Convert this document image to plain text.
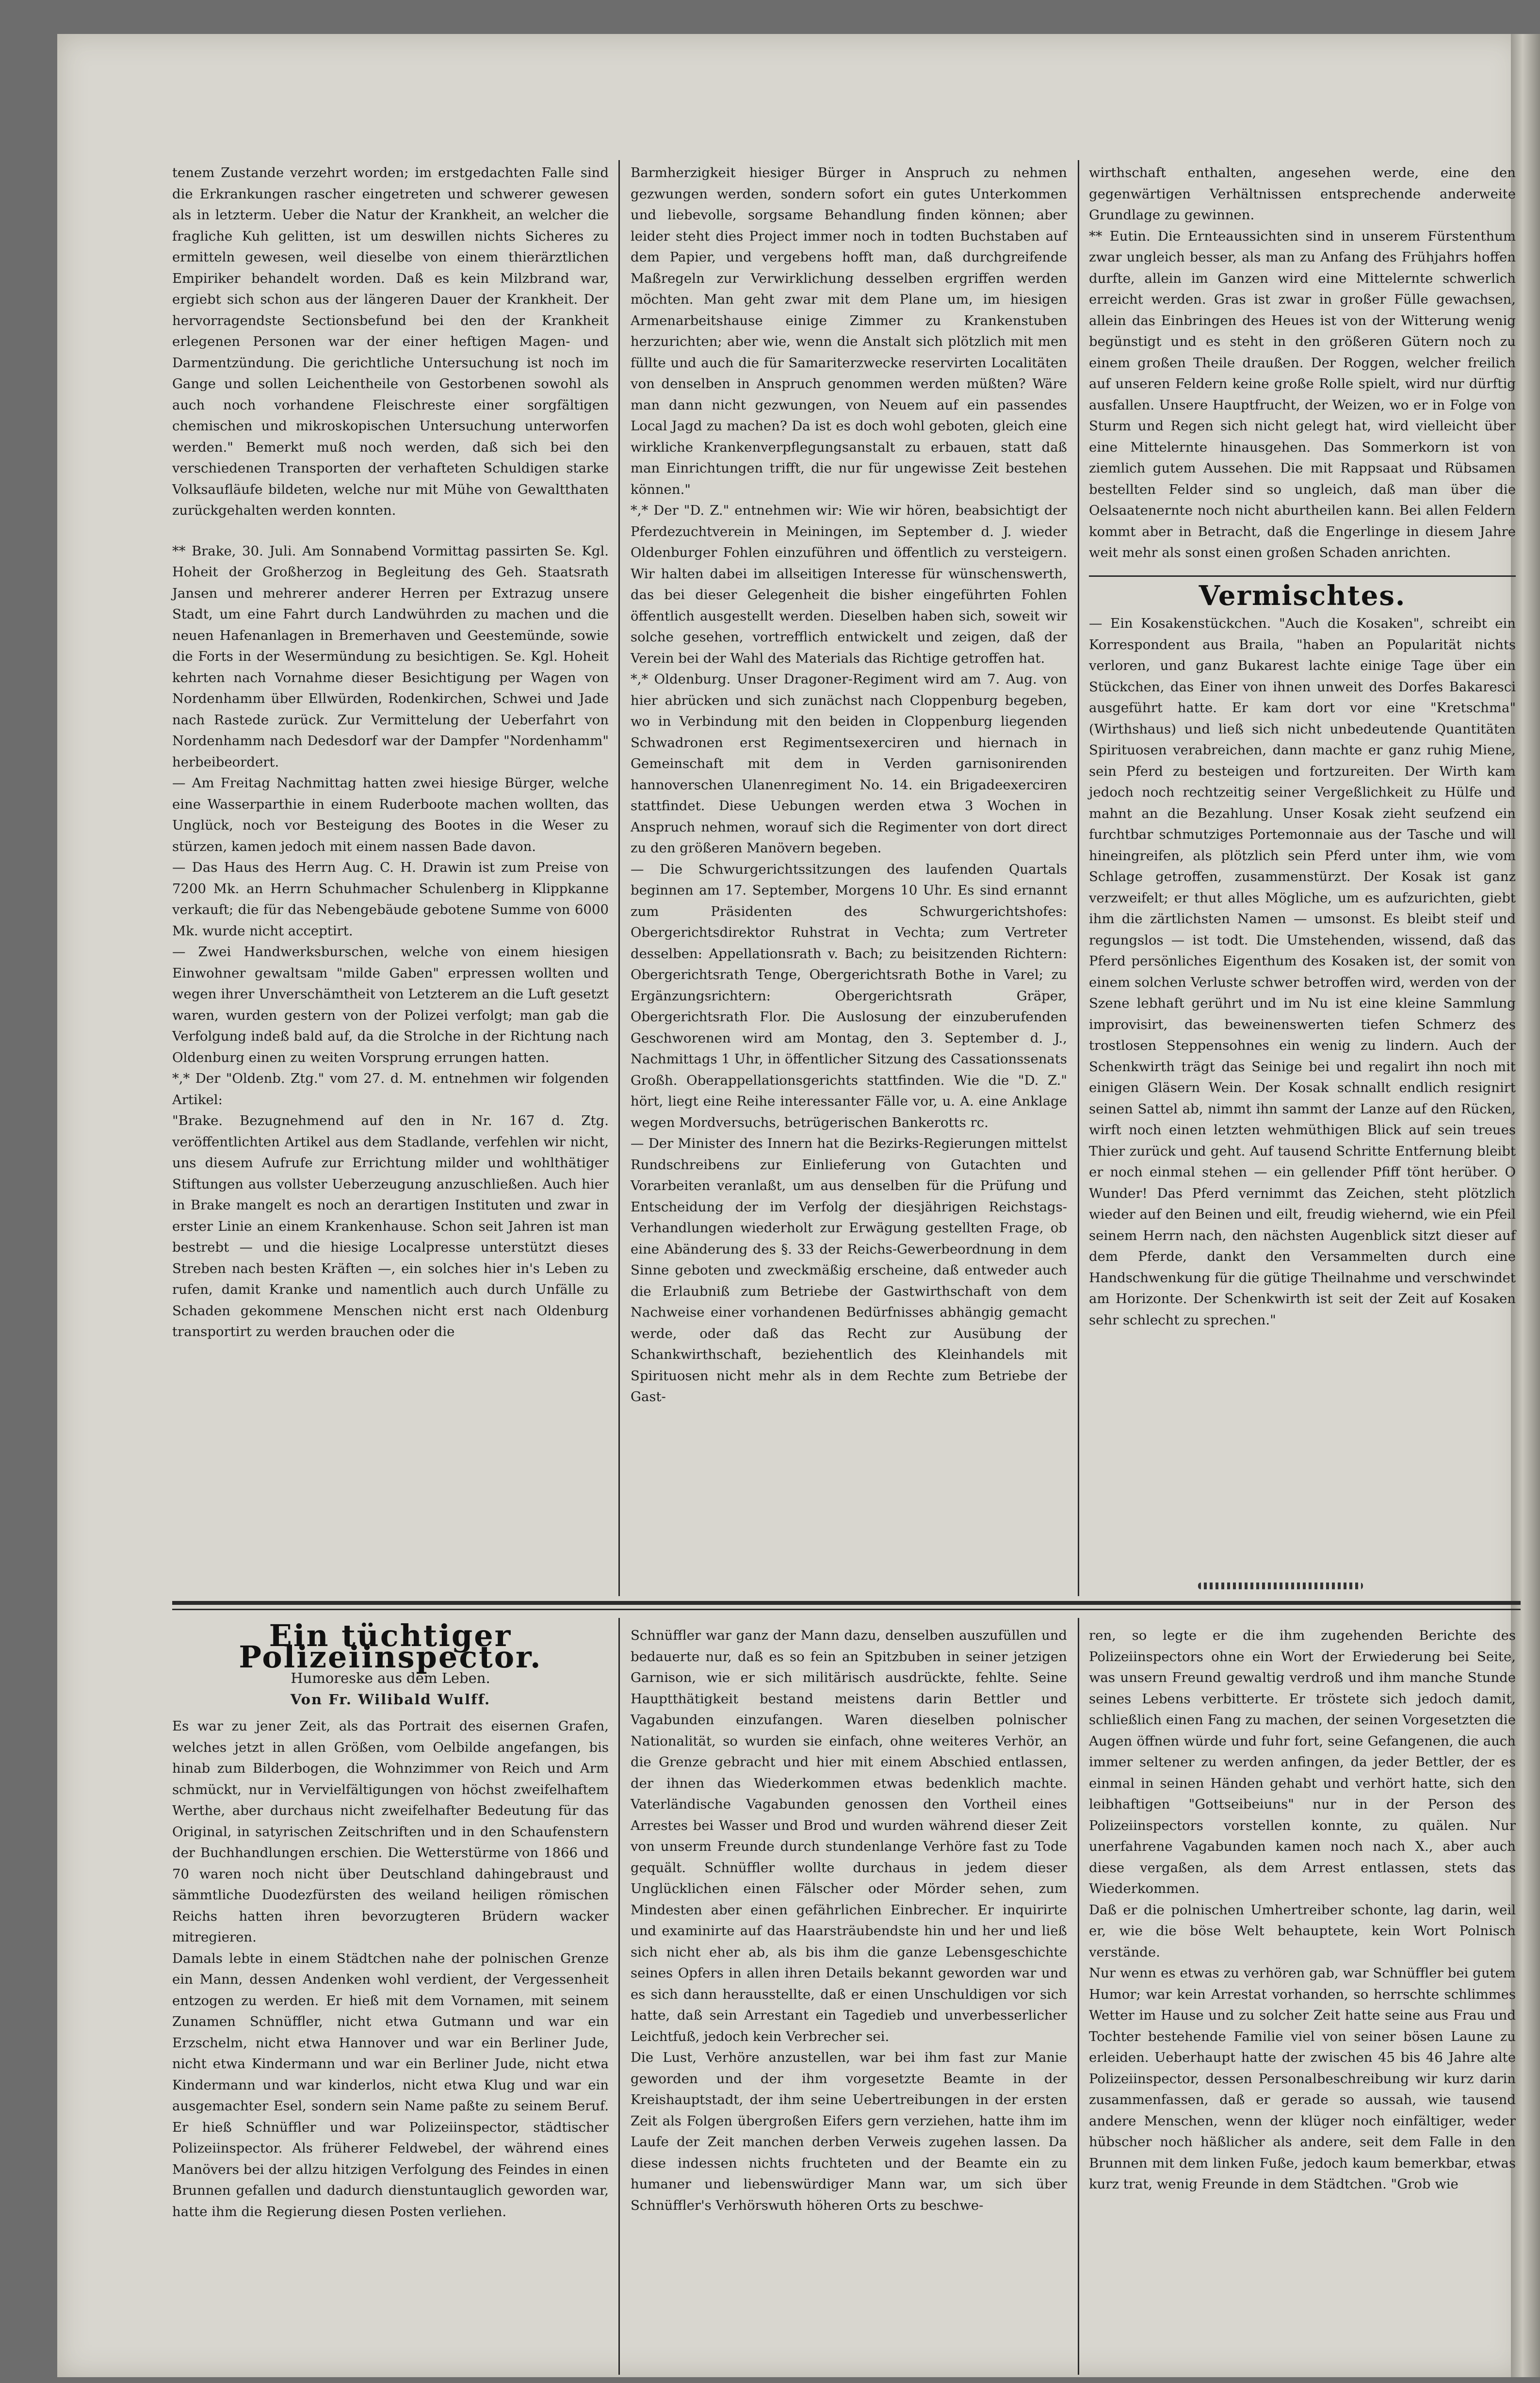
tenem Zustande verzehrt worden; im erstgedachten Falle sind die Erkrankungen rascher eingetreten und schwerer gewesen als in letzterm. Ueber die Natur der Krankheit, an welcher die fragliche Kuh gelitten, ist um deswillen nichts Sicheres zu ermitteln gewesen, weil dieselbe von einem thierärztlichen Empiriker behandelt worden. Daß es kein Milzbrand war, ergiebt sich schon aus der längeren Dauer der Krankheit. Der hervorragendste Sectionsbefund bei den der Krankheit erlegenen Personen war der einer heftigen Magen- und Darmentzündung. Die gerichtliche Untersuchung ist noch im Gange und sollen Leichentheile von Gestorbenen sowohl als auch noch vorhandene Fleischreste einer sorgfältigen chemischen und mikroskopischen Untersuchung unterworfen werden." Bemerkt muß noch werden, daß sich bei den verschiedenen Transporten der verhafteten Schuldigen starke Volksaufläufe bildeten, welche nur mit Mühe von Gewaltthaten zurückgehalten werden konnten.

** Brake, 30. Juli. Am Sonnabend Vormittag passirten Se. Kgl. Hoheit der Großherzog in Begleitung des Geh. Staatsrath Jansen und mehrerer anderer Herren per Extrazug unsere Stadt, um eine Fahrt durch Landwührden zu machen und die neuen Hafenanlagen in Bremerhaven und Geestemünde, sowie die Forts in der Wesermündung zu besichtigen. Se. Kgl. Hoheit kehrten nach Vornahme dieser Besichtigung per Wagen von Nordenhamm über Ellwürden, Rodenkirchen, Schwei und Jade nach Rastede zurück. Zur Vermittelung der Ueberfahrt von Nordenhamm nach Dedesdorf war der Dampfer "Nordenhamm" herbeibeordert.

— Am Freitag Nachmittag hatten zwei hiesige Bürger, welche eine Wasserparthie in einem Ruderboote machen wollten, das Unglück, noch vor Besteigung des Bootes in die Weser zu stürzen, kamen jedoch mit einem nassen Bade davon.

— Das Haus des Herrn Aug. C. H. Drawin ist zum Preise von 7200 Mk. an Herrn Schuhmacher Schulenberg in Klippkanne verkauft; die für das Nebengebäude gebotene Summe von 6000 Mk. wurde nicht acceptirt.

— Zwei Handwerksburschen, welche von einem hiesigen Einwohner gewaltsam "milde Gaben" erpressen wollten und wegen ihrer Unverschämtheit von Letzterem an die Luft gesetzt waren, wurden gestern von der Polizei verfolgt; man gab die Verfolgung indeß bald auf, da die Strolche in der Richtung nach Oldenburg einen zu weiten Vorsprung errungen hatten.

*,* Der "Oldenb. Ztg." vom 27. d. M. entnehmen wir folgenden Artikel:

"Brake. Bezugnehmend auf den in Nr. 167 d. Ztg. veröffentlichten Artikel aus dem Stadlande, verfehlen wir nicht, uns diesem Aufrufe zur Errichtung milder und wohlthätiger Stiftungen aus vollster Ueberzeugung anzuschließen. Auch hier in Brake mangelt es noch an derartigen Instituten und zwar in erster Linie an einem Krankenhause. Schon seit Jahren ist man bestrebt — und die hiesige Localpresse unterstützt dieses Streben nach besten Kräften —, ein solches hier in's Leben zu rufen, damit Kranke und namentlich auch durch Unfälle zu Schaden gekommene Menschen nicht erst nach Oldenburg transportirt zu werden brauchen oder die

Barmherzigkeit hiesiger Bürger in Anspruch zu nehmen gezwungen werden, sondern sofort ein gutes Unterkommen und liebevolle, sorgsame Behandlung finden können; aber leider steht dies Project immer noch in todten Buchstaben auf dem Papier, und vergebens hofft man, daß durchgreifende Maßregeln zur Verwirklichung desselben ergriffen werden möchten. Man geht zwar mit dem Plane um, im hiesigen Armenarbeitshause einige Zimmer zu Krankenstuben herzurichten; aber wie, wenn die Anstalt sich plötzlich mit men füllte und auch die für Samariterzwecke reservirten Localitäten von denselben in Anspruch genommen werden müßten? Wäre man dann nicht gezwungen, von Neuem auf ein passendes Local Jagd zu machen? Da ist es doch wohl geboten, gleich eine wirkliche Krankenverpflegungsanstalt zu erbauen, statt daß man Einrichtungen trifft, die nur für ungewisse Zeit bestehen können."

*,* Der "D. Z." entnehmen wir: Wie wir hören, beabsichtigt der Pferdezuchtverein in Meiningen, im September d. J. wieder Oldenburger Fohlen einzuführen und öffentlich zu versteigern. Wir halten dabei im allseitigen Interesse für wünschenswerth, das bei dieser Gelegenheit die bisher eingeführten Fohlen öffentlich ausgestellt werden. Dieselben haben sich, soweit wir solche gesehen, vortrefflich entwickelt und zeigen, daß der Verein bei der Wahl des Materials das Richtige getroffen hat.

*,* Oldenburg. Unser Dragoner-Regiment wird am 7. Aug. von hier abrücken und sich zunächst nach Cloppenburg begeben, wo in Verbindung mit den beiden in Cloppenburg liegenden Schwadronen erst Regimentsexerciren und hiernach in Gemeinschaft mit dem in Verden garnisonirenden hannoverschen Ulanenregiment No. 14. ein Brigadeexerciren stattfindet. Diese Uebungen werden etwa 3 Wochen in Anspruch nehmen, worauf sich die Regimenter von dort direct zu den größeren Manövern begeben.

— Die Schwurgerichtssitzungen des laufenden Quartals beginnen am 17. September, Morgens 10 Uhr. Es sind ernannt zum Präsidenten des Schwurgerichtshofes: Obergerichtsdirektor Ruhstrat in Vechta; zum Vertreter desselben: Appellationsrath v. Bach; zu beisitzenden Richtern: Obergerichtsrath Tenge, Obergerichtsrath Bothe in Varel; zu Ergänzungsrichtern: Obergerichtsrath Gräper, Obergerichtsrath Flor. Die Auslosung der einzuberufenden Geschworenen wird am Montag, den 3. September d. J., Nachmittags 1 Uhr, in öffentlicher Sitzung des Cassationssenats Großh. Oberappellationsgerichts stattfinden. Wie die "D. Z." hört, liegt eine Reihe interessanter Fälle vor, u. A. eine Anklage wegen Mordversuchs, betrügerischen Bankerotts rc.

— Der Minister des Innern hat die Bezirks-Regierungen mittelst Rundschreibens zur Einlieferung von Gutachten und Vorarbeiten veranlaßt, um aus denselben für die Prüfung und Entscheidung der im Verfolg der diesjährigen Reichstags-Verhandlungen wiederholt zur Erwägung gestellten Frage, ob eine Abänderung des §. 33 der Reichs-Gewerbeordnung in dem Sinne geboten und zweckmäßig erscheine, daß entweder auch die Erlaubniß zum Betriebe der Gastwirthschaft von dem Nachweise einer vorhandenen Bedürfnisses abhängig gemacht werde, oder daß das Recht zur Ausübung der Schankwirthschaft, beziehentlich des Kleinhandels mit Spirituosen nicht mehr als in dem Rechte zum Betriebe der Gast-

wirthschaft enthalten, angesehen werde, eine den gegenwärtigen Verhältnissen entsprechende anderweite Grundlage zu gewinnen.

** Eutin. Die Ernteaussichten sind in unserem Fürstenthum zwar ungleich besser, als man zu Anfang des Frühjahrs hoffen durfte, allein im Ganzen wird eine Mittelernte schwerlich erreicht werden. Gras ist zwar in großer Fülle gewachsen, allein das Einbringen des Heues ist von der Witterung wenig begünstigt und es steht in den größeren Gütern noch zu einem großen Theile draußen. Der Roggen, welcher freilich auf unseren Feldern keine große Rolle spielt, wird nur dürftig ausfallen. Unsere Hauptfrucht, der Weizen, wo er in Folge von Sturm und Regen sich nicht gelegt hat, wird vielleicht über eine Mittelernte hinausgehen. Das Sommerkorn ist von ziemlich gutem Aussehen. Die mit Rappsaat und Rübsamen bestellten Felder sind so ungleich, daß man über die Oelsaatenernte noch nicht aburtheilen kann. Bei allen Feldern kommt aber in Betracht, daß die Engerlinge in diesem Jahre weit mehr als sonst einen großen Schaden anrichten.

Vermischtes.

— Ein Kosakenstückchen. "Auch die Kosaken", schreibt ein Korrespondent aus Braila, "haben an Popularität nichts verloren, und ganz Bukarest lachte einige Tage über ein Stückchen, das Einer von ihnen unweit des Dorfes Bakaresci ausgeführt hatte. Er kam dort vor eine "Kretschma" (Wirthshaus) und ließ sich nicht unbedeutende Quantitäten Spirituosen verabreichen, dann machte er ganz ruhig Miene, sein Pferd zu besteigen und fortzureiten. Der Wirth kam jedoch noch rechtzeitig seiner Vergeßlichkeit zu Hülfe und mahnt an die Bezahlung. Unser Kosak zieht seufzend ein furchtbar schmutziges Portemonnaie aus der Tasche und will hineingreifen, als plötzlich sein Pferd unter ihm, wie vom Schlage getroffen, zusammenstürzt. Der Kosak ist ganz verzweifelt; er thut alles Mögliche, um es aufzurichten, giebt ihm die zärtlichsten Namen — umsonst. Es bleibt steif und regungslos — ist todt. Die Umstehenden, wissend, daß das Pferd persönliches Eigenthum des Kosaken ist, der somit von einem solchen Verluste schwer betroffen wird, werden von der Szene lebhaft gerührt und im Nu ist eine kleine Sammlung improvisirt, das beweinenswerten tiefen Schmerz des trostlosen Steppensohnes ein wenig zu lindern. Auch der Schenkwirth trägt das Seinige bei und regalirt ihn noch mit einigen Gläsern Wein. Der Kosak schnallt endlich resignirt seinen Sattel ab, nimmt ihn sammt der Lanze auf den Rücken, wirft noch einen letzten wehmüthigen Blick auf sein treues Thier zurück und geht. Auf tausend Schritte Entfernung bleibt er noch einmal stehen — ein gellender Pfiff tönt herüber. O Wunder! Das Pferd vernimmt das Zeichen, steht plötzlich wieder auf den Beinen und eilt, freudig wiehernd, wie ein Pfeil seinem Herrn nach, den nächsten Augenblick sitzt dieser auf dem Pferde, dankt den Versammelten durch eine Handschwenkung für die gütige Theilnahme und verschwindet am Horizonte. Der Schenkwirth ist seit der Zeit auf Kosaken sehr schlecht zu sprechen."

Ein tüchtiger Polizeiinspector.
Humoreske aus dem Leben.
Von Fr. Wilibald Wulff.

Es war zu jener Zeit, als das Portrait des eisernen Grafen, welches jetzt in allen Größen, vom Oelbilde angefangen, bis hinab zum Bilderbogen, die Wohnzimmer von Reich und Arm schmückt, nur in Vervielfältigungen von höchst zweifelhaftem Werthe, aber durchaus nicht zweifelhafter Bedeutung für das Original, in satyrischen Zeitschriften und in den Schaufenstern der Buchhandlungen erschien. Die Wetterstürme von 1866 und 70 waren noch nicht über Deutschland dahingebraust und sämmtliche Duodezfürsten des weiland heiligen römischen Reichs hatten ihren bevorzugteren Brüdern wacker mitregieren.

Damals lebte in einem Städtchen nahe der polnischen Grenze ein Mann, dessen Andenken wohl verdient, der Vergessenheit entzogen zu werden. Er hieß mit dem Vornamen, mit seinem Zunamen Schnüffler, nicht etwa Gutmann und war ein Erzschelm, nicht etwa Hannover und war ein Berliner Jude, nicht etwa Kindermann und war ein Berliner Jude, nicht etwa Kindermann und war kinderlos, nicht etwa Klug und war ein ausgemachter Esel, sondern sein Name paßte zu seinem Beruf. Er hieß Schnüffler und war Polizeiinspector, städtischer Polizeiinspector. Als früherer Feldwebel, der während eines Manövers bei der allzu hitzigen Verfolgung des Feindes in einen Brunnen gefallen und dadurch dienstuntauglich geworden war, hatte ihm die Regierung diesen Posten verliehen.

Schnüffler war ganz der Mann dazu, denselben auszufüllen und bedauerte nur, daß es so fein an Spitzbuben in seiner jetzigen Garnison, wie er sich militärisch ausdrückte, fehlte. Seine Hauptthätigkeit bestand meistens darin Bettler und Vagabunden einzufangen. Waren dieselben polnischer Nationalität, so wurden sie einfach, ohne weiteres Verhör, an die Grenze gebracht und hier mit einem Abschied entlassen, der ihnen das Wiederkommen etwas bedenklich machte. Vaterländische Vagabunden genossen den Vortheil eines Arrestes bei Wasser und Brod und wurden während dieser Zeit von unserm Freunde durch stundenlange Verhöre fast zu Tode gequält. Schnüffler wollte durchaus in jedem dieser Unglücklichen einen Fälscher oder Mörder sehen, zum Mindesten aber einen gefährlichen Einbrecher. Er inquirirte und examinirte auf das Haarsträubendste hin und her und ließ sich nicht eher ab, als bis ihm die ganze Lebensgeschichte seines Opfers in allen ihren Details bekannt geworden war und es sich dann herausstellte, daß er einen Unschuldigen vor sich hatte, daß sein Arrestant ein Tagedieb und unverbesserlicher Leichtfuß, jedoch kein Verbrecher sei.

Die Lust, Verhöre anzustellen, war bei ihm fast zur Manie geworden und der ihm vorgesetzte Beamte in der Kreishauptstadt, der ihm seine Uebertreibungen in der ersten Zeit als Folgen übergroßen Eifers gern verziehen, hatte ihm im Laufe der Zeit manchen derben Verweis zugehen lassen. Da diese indessen nichts fruchteten und der Beamte ein zu humaner und liebenswürdiger Mann war, um sich über Schnüffler's Verhörswuth höheren Orts zu beschwe-

ren, so legte er die ihm zugehenden Berichte des Polizeiinspectors ohne ein Wort der Erwiederung bei Seite, was unsern Freund gewaltig verdroß und ihm manche Stunde seines Lebens verbitterte. Er tröstete sich jedoch damit, schließlich einen Fang zu machen, der seinen Vorgesetzten die Augen öffnen würde und fuhr fort, seine Gefangenen, die auch immer seltener zu werden anfingen, da jeder Bettler, der es einmal in seinen Händen gehabt und verhört hatte, sich den leibhaftigen "Gottseibeiuns" nur in der Person des Polizeiinspectors vorstellen konnte, zu quälen. Nur unerfahrene Vagabunden kamen noch nach X., aber auch diese vergaßen, als dem Arrest entlassen, stets das Wiederkommen.

Daß er die polnischen Umhertreiber schonte, lag darin, weil er, wie die böse Welt behauptete, kein Wort Polnisch verstände.

Nur wenn es etwas zu verhören gab, war Schnüffler bei gutem Humor; war kein Arrestat vorhanden, so herrschte schlimmes Wetter im Hause und zu solcher Zeit hatte seine aus Frau und Tochter bestehende Familie viel von seiner bösen Laune zu erleiden. Ueberhaupt hatte der zwischen 45 bis 46 Jahre alte Polizeiinspector, dessen Personalbeschreibung wir kurz darin zusammenfassen, daß er gerade so aussah, wie tausend andere Menschen, wenn der klüger noch einfältiger, weder hübscher noch häßlicher als andere, seit dem Falle in den Brunnen mit dem linken Fuße, jedoch kaum bemerkbar, etwas kurz trat, wenig Freunde in dem Städtchen. "Grob wie
